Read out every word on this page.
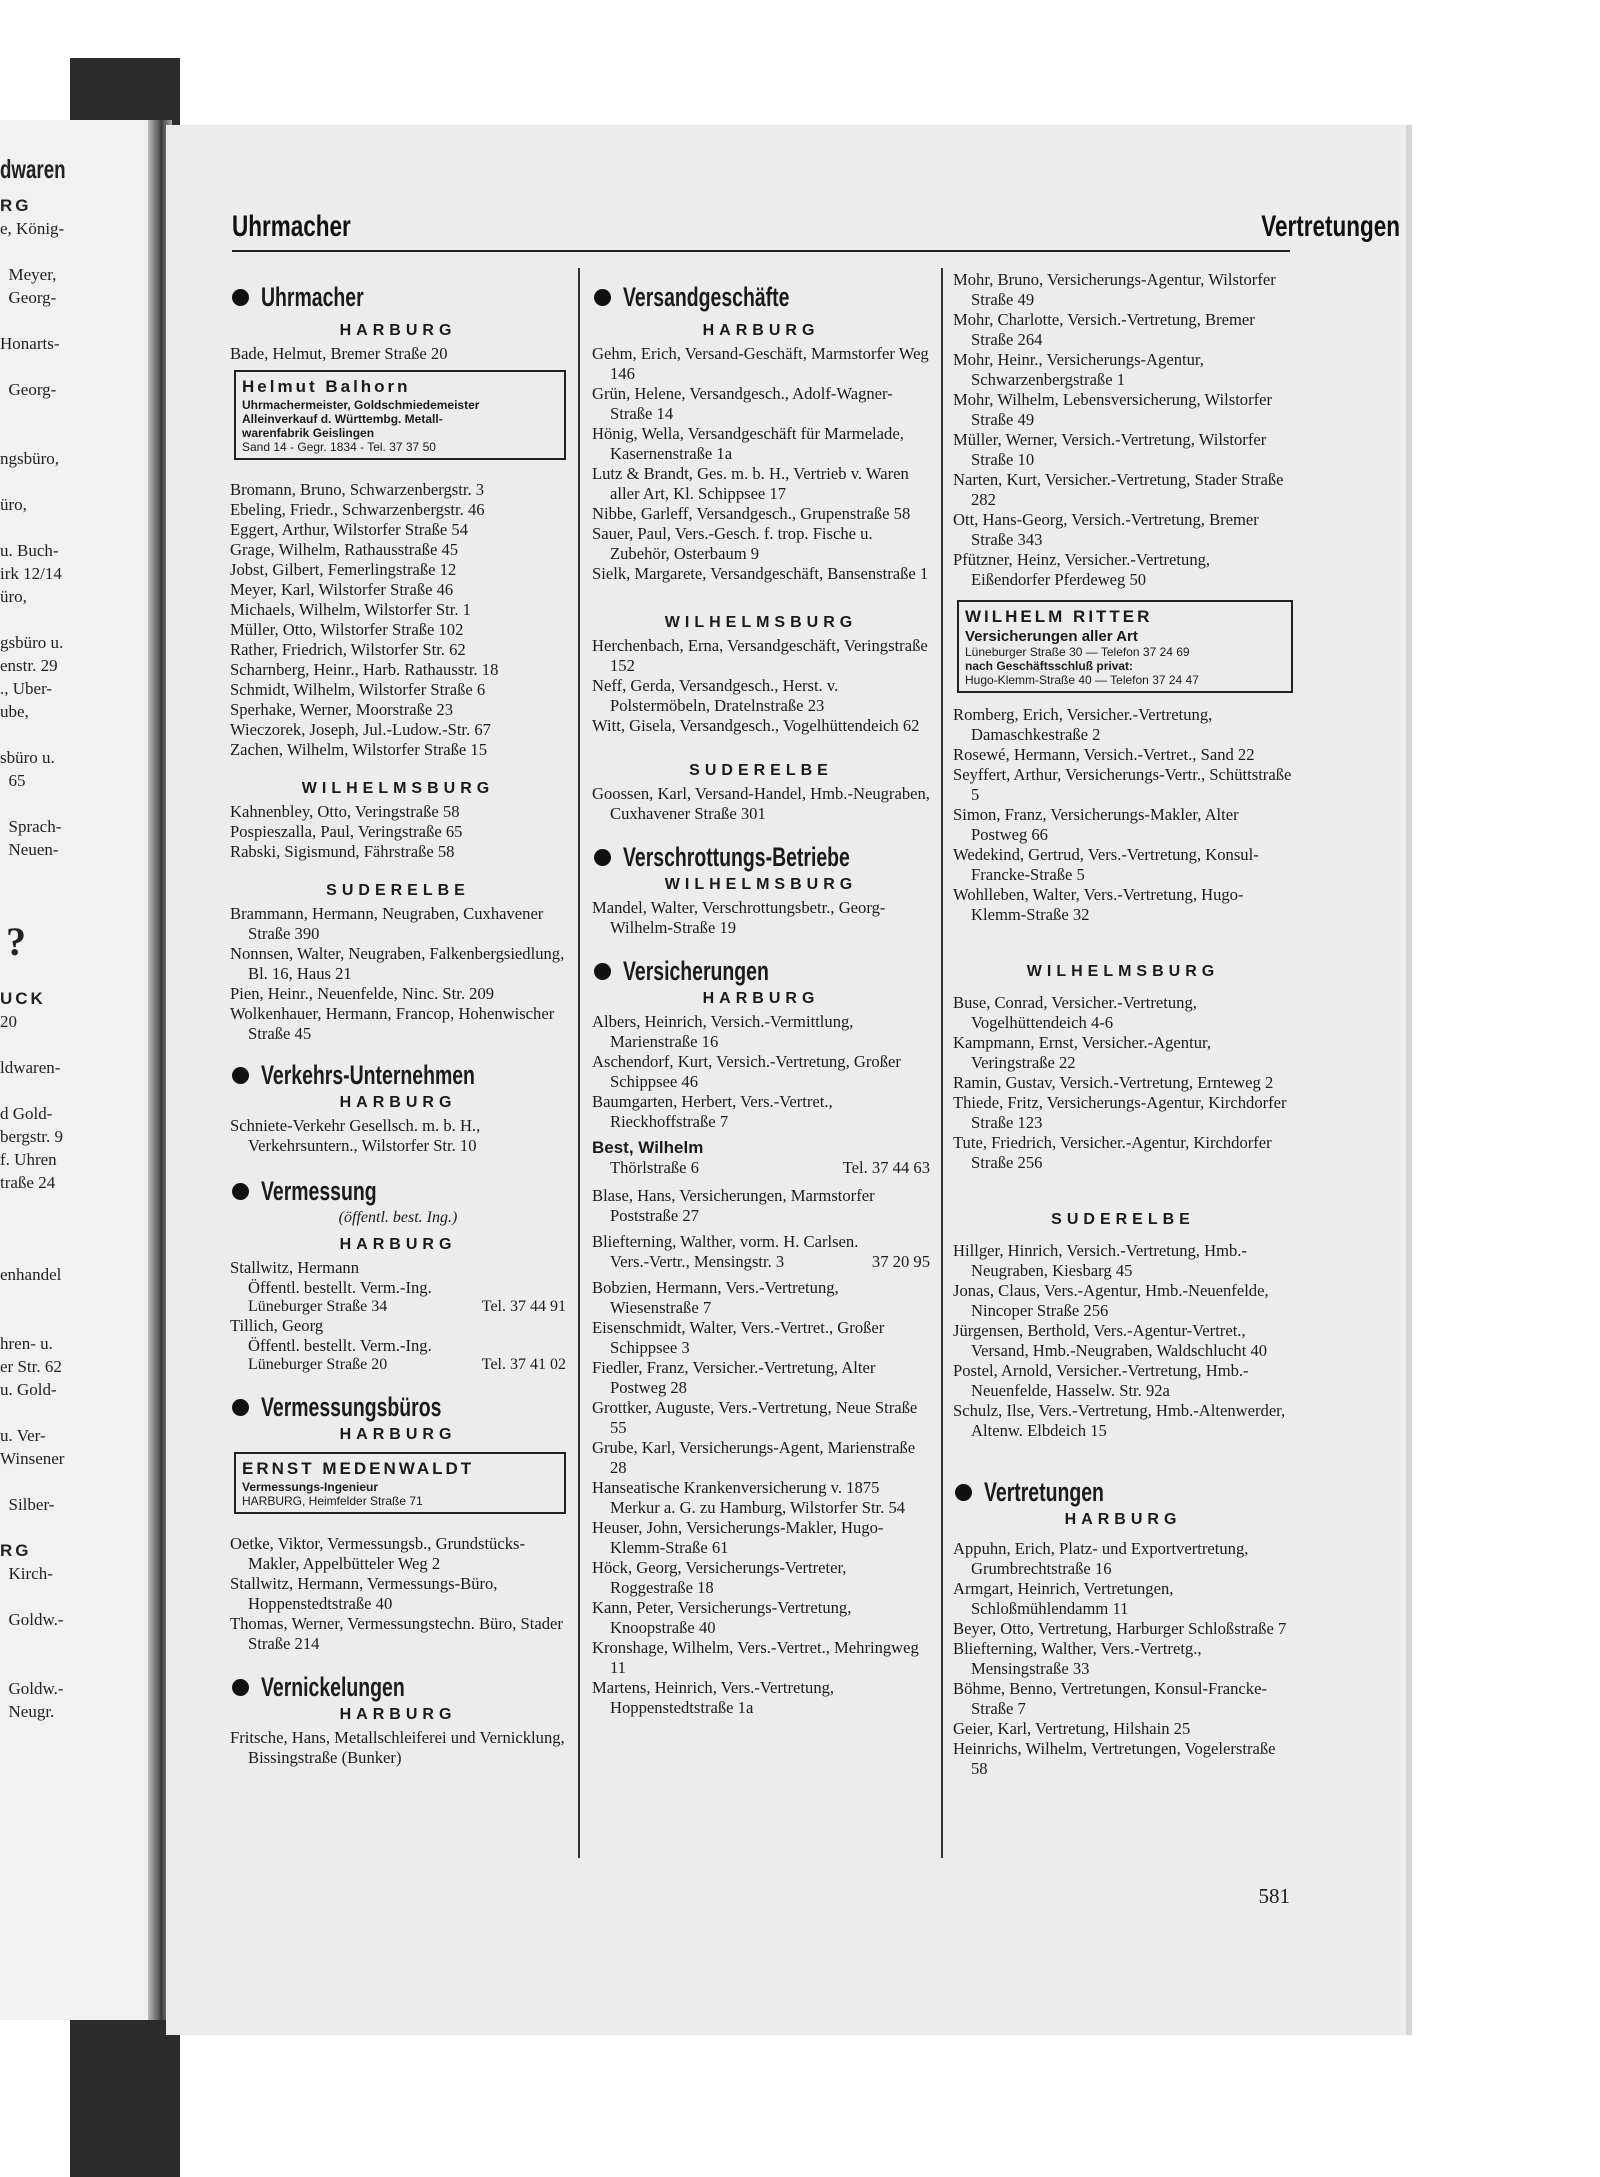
dwaren
RG
e, König-
Meyer,
Georg-
Honarts-
Georg-
ngsbüro,
üro,
u. Buch-
irk 12/14
üro,
gsbüro u.
enstr. 29
., Uber-
ube,
sbüro u.
65
Sprach-
Neuen-
?
UCK
20
ldwaren-
d Gold-
bergstr. 9
f. Uhren
traße 24
enhandel
hren- u.
er Str. 62
u. Gold-
u. Ver-
Winsener
Silber-
RG
Kirch-
Goldw.-
Goldw.-
Neugr.
Uhrmacher	Vertretungen
Uhrmacher
HARBURG
Bade, Helmut, Bremer Straße 20
Helmut Balhorn
Uhrmachermeister, Goldschmiedemeister
Alleinverkauf d. Württembg. Metall-
warenfabrik Geislingen
Sand 14 - Gegr. 1834 - Tel. 37 37 50
Bromann, Bruno, Schwarzenbergstr. 3
Ebeling, Friedr., Schwarzenbergstr. 46
Eggert, Arthur, Wilstorfer Straße 54
Grage, Wilhelm, Rathausstraße 45
Jobst, Gilbert, Femerlingstraße 12
Meyer, Karl, Wilstorfer Straße 46
Michaels, Wilhelm, Wilstorfer Str. 1
Müller, Otto, Wilstorfer Straße 102
Rather, Friedrich, Wilstorfer Str. 62
Scharnberg, Heinr., Harb. Rathausstr. 18
Schmidt, Wilhelm, Wilstorfer Straße 6
Sperhake, Werner, Moorstraße 23
Wieczorek, Joseph, Jul.-Ludow.-Str. 67
Zachen, Wilhelm, Wilstorfer Straße 15
WILHELMSBURG
Kahnenbley, Otto, Veringstraße 58
Pospieszalla, Paul, Veringstraße 65
Rabski, Sigismund, Fährstraße 58
SUDERELBE
Brammann, Hermann, Neugraben, Cuxhavener Straße 390
Nonnsen, Walter, Neugraben, Falkenbergsiedlung, Bl. 16, Haus 21
Pien, Heinr., Neuenfelde, Ninc. Str. 209
Wolkenhauer, Hermann, Francop, Hohenwischer Straße 45
Verkehrs-Unternehmen
HARBURG
Schniete-Verkehr Gesellsch. m. b. H., Verkehrsuntern., Wilstorfer Str. 10
Vermessung
(öffentl. best. Ing.)
HARBURG
Stallwitz, Hermann
Öffentl. bestellt. Verm.-Ing.
Lüneburger Straße 34	Tel. 37 44 91
Tillich, Georg
Öffentl. bestellt. Verm.-Ing.
Lüneburger Straße 20	Tel. 37 41 02
Vermessungsbüros
HARBURG
ERNST MEDENWALDT
Vermessungs-Ingenieur
HARBURG, Heimfelder Straße 71
Oetke, Viktor, Vermessungsb., Grundstücks-Makler, Appelbütteler Weg 2
Stallwitz, Hermann, Vermessungs-Büro, Hoppenstedtstraße 40
Thomas, Werner, Vermessungstechn. Büro, Stader Straße 214
Vernickelungen
HARBURG
Fritsche, Hans, Metallschleiferei und Vernicklung, Bissingstraße (Bunker)
Versandgeschäfte
HARBURG
Gehm, Erich, Versand-Geschäft, Marmstorfer Weg 146
Grün, Helene, Versandgesch., Adolf-Wagner-Straße 14
Hönig, Wella, Versandgeschäft für Marmelade, Kasernenstraße 1a
Lutz & Brandt, Ges. m. b. H., Vertrieb v. Waren aller Art, Kl. Schippsee 17
Nibbe, Garleff, Versandgesch., Grupenstraße 58
Sauer, Paul, Vers.-Gesch. f. trop. Fische u. Zubehör, Osterbaum 9
Sielk, Margarete, Versandgeschäft, Bansenstraße 1
WILHELMSBURG
Herchenbach, Erna, Versandgeschäft, Veringstraße 152
Neff, Gerda, Versandgesch., Herst. v. Polstermöbeln, Dratelnstraße 23
Witt, Gisela, Versandgesch., Vogelhüttendeich 62
SUDERELBE
Goossen, Karl, Versand-Handel, Hmb.-Neugraben, Cuxhavener Straße 301
Verschrottungs-Betriebe
WILHELMSBURG
Mandel, Walter, Verschrottungsbetr., Georg-Wilhelm-Straße 19
Versicherungen
HARBURG
Albers, Heinrich, Versich.-Vermittlung, Marienstraße 16
Aschendorf, Kurt, Versich.-Vertretung, Großer Schippsee 46
Baumgarten, Herbert, Vers.-Vertret., Rieckhoffstraße 7
Best, Wilhelm
Thörlstraße 6	Tel. 37 44 63
Blase, Hans, Versicherungen, Marmstorfer Poststraße 27
Bliefterning, Walther, vorm. H. Carlsen.
Vers.-Vertr., Mensingstr. 3	37 20 95
Bobzien, Hermann, Vers.-Vertretung, Wiesenstraße 7
Eisenschmidt, Walter, Vers.-Vertret., Großer Schippsee 3
Fiedler, Franz, Versicher.-Vertretung, Alter Postweg 28
Grottker, Auguste, Vers.-Vertretung, Neue Straße 55
Grube, Karl, Versicherungs-Agent, Marienstraße 28
Hanseatische Krankenversicherung v. 1875 Merkur a. G. zu Hamburg, Wilstorfer Str. 54
Heuser, John, Versicherungs-Makler, Hugo-Klemm-Straße 61
Höck, Georg, Versicherungs-Vertreter, Roggestraße 18
Kann, Peter, Versicherungs-Vertretung, Knoopstraße 40
Kronshage, Wilhelm, Vers.-Vertret., Mehringweg 11
Martens, Heinrich, Vers.-Vertretung, Hoppenstedtstraße 1a
Mohr, Bruno, Versicherungs-Agentur, Wilstorfer Straße 49
Mohr, Charlotte, Versich.-Vertretung, Bremer Straße 264
Mohr, Heinr., Versicherungs-Agentur, Schwarzenbergstraße 1
Mohr, Wilhelm, Lebensversicherung, Wilstorfer Straße 49
Müller, Werner, Versich.-Vertretung, Wilstorfer Straße 10
Narten, Kurt, Versicher.-Vertretung, Stader Straße 282
Ott, Hans-Georg, Versich.-Vertretung, Bremer Straße 343
Pfützner, Heinz, Versicher.-Vertretung, Eißendorfer Pferdeweg 50
WILHELM RITTER
Versicherungen aller Art
Lüneburger Straße 30 — Telefon 37 24 69
nach Geschäftsschluß privat:
Hugo-Klemm-Straße 40 — Telefon 37 24 47
Romberg, Erich, Versicher.-Vertretung, Damaschkestraße 2
Rosewé, Hermann, Versich.-Vertret., Sand 22
Seyffert, Arthur, Versicherungs-Vertr., Schüttstraße 5
Simon, Franz, Versicherungs-Makler, Alter Postweg 66
Wedekind, Gertrud, Vers.-Vertretung, Konsul-Francke-Straße 5
Wohlleben, Walter, Vers.-Vertretung, Hugo-Klemm-Straße 32
WILHELMSBURG
Buse, Conrad, Versicher.-Vertretung, Vogelhüttendeich 4-6
Kampmann, Ernst, Versicher.-Agentur, Veringstraße 22
Ramin, Gustav, Versich.-Vertretung, Ernteweg 2
Thiede, Fritz, Versicherungs-Agentur, Kirchdorfer Straße 123
Tute, Friedrich, Versicher.-Agentur, Kirchdorfer Straße 256
SUDERELBE
Hillger, Hinrich, Versich.-Vertretung, Hmb.-Neugraben, Kiesbarg 45
Jonas, Claus, Vers.-Agentur, Hmb.-Neuenfelde, Nincoper Straße 256
Jürgensen, Berthold, Vers.-Agentur-Vertret., Versand, Hmb.-Neugraben, Waldschlucht 40
Postel, Arnold, Versicher.-Vertretung, Hmb.-Neuenfelde, Hasselw. Str. 92a
Schulz, Ilse, Vers.-Vertretung, Hmb.-Altenwerder, Altenw. Elbdeich 15
Vertretungen
HARBURG
Appuhn, Erich, Platz- und Exportvertretung, Grumbrechtstraße 16
Armgart, Heinrich, Vertretungen, Schloßmühlendamm 11
Beyer, Otto, Vertretung, Harburger Schloßstraße 7
Bliefterning, Walther, Vers.-Vertretg., Mensingstraße 33
Böhme, Benno, Vertretungen, Konsul-Francke-Straße 7
Geier, Karl, Vertretung, Hilshain 25
Heinrichs, Wilhelm, Vertretungen, Vogelerstraße 58
581
